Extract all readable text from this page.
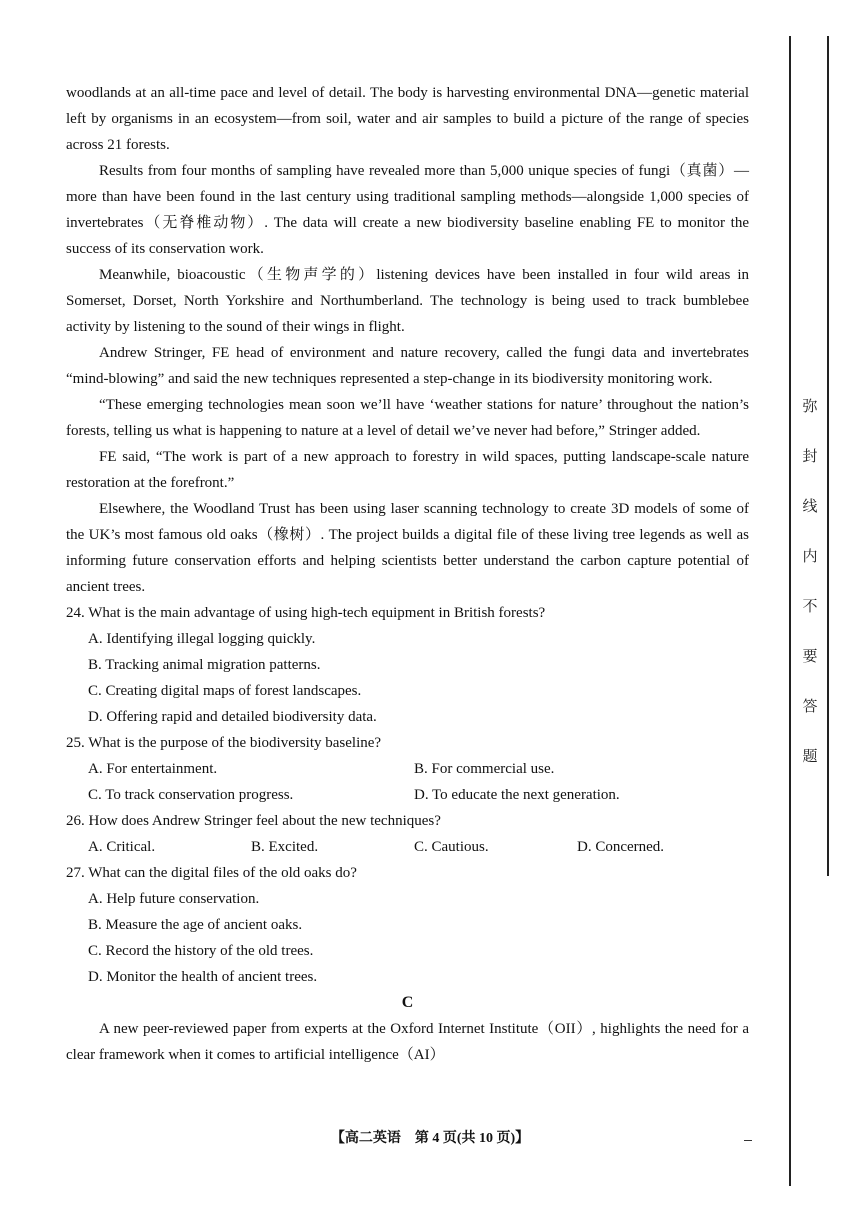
弥
封
线
内
不
要
答
题

woodlands at an all-time pace and level of detail. The body is harvesting environmental DNA—genetic material left by organisms in an ecosystem—from soil, water and air samples to build a picture of the range of species across 21 forests.

Results from four months of sampling have revealed more than 5,000 unique species of fungi（真菌）—more than have been found in the last century using traditional sampling methods—alongside 1,000 species of invertebrates（无脊椎动物）. The data will create a new biodiversity baseline enabling FE to monitor the success of its conservation work.

Meanwhile, bioacoustic（生物声学的）listening devices have been installed in four wild areas in Somerset, Dorset, North Yorkshire and Northumberland. The technology is being used to track bumblebee activity by listening to the sound of their wings in flight.

Andrew Stringer, FE head of environment and nature recovery, called the fungi data and invertebrates “mind-blowing” and said the new techniques represented a step-change in its biodiversity monitoring work.

“These emerging technologies mean soon we’ll have ‘weather stations for nature’ throughout the nation’s forests, telling us what is happening to nature at a level of detail we’ve never had before,” Stringer added.

FE said, “The work is part of a new approach to forestry in wild spaces, putting landscape-scale nature restoration at the forefront.”

Elsewhere, the Woodland Trust has been using laser scanning technology to create 3D models of some of the UK’s most famous old oaks（橡树）. The project builds a digital file of these living tree legends as well as informing future conservation efforts and helping scientists better understand the carbon capture potential of ancient trees.

24. What is the main advantage of using high-tech equipment in British forests?

A. Identifying illegal logging quickly.

B. Tracking animal migration patterns.

C. Creating digital maps of forest landscapes.

D. Offering rapid and detailed biodiversity data.

25. What is the purpose of the biodiversity baseline?

A. For entertainment.	B. For commercial use.
C. To track conservation progress.	D. To educate the next generation.

26. How does Andrew Stringer feel about the new techniques?

A. Critical.	B. Excited.	C. Cautious.	D. Concerned.

27. What can the digital files of the old oaks do?

A. Help future conservation.

B. Measure the age of ancient oaks.

C. Record the history of the old trees.

D. Monitor the health of ancient trees.

C

A new peer-reviewed paper from experts at the Oxford Internet Institute（OII）, highlights the need for a clear framework when it comes to artificial intelligence（AI）

【高二英语　第 4 页(共 10 页)】
